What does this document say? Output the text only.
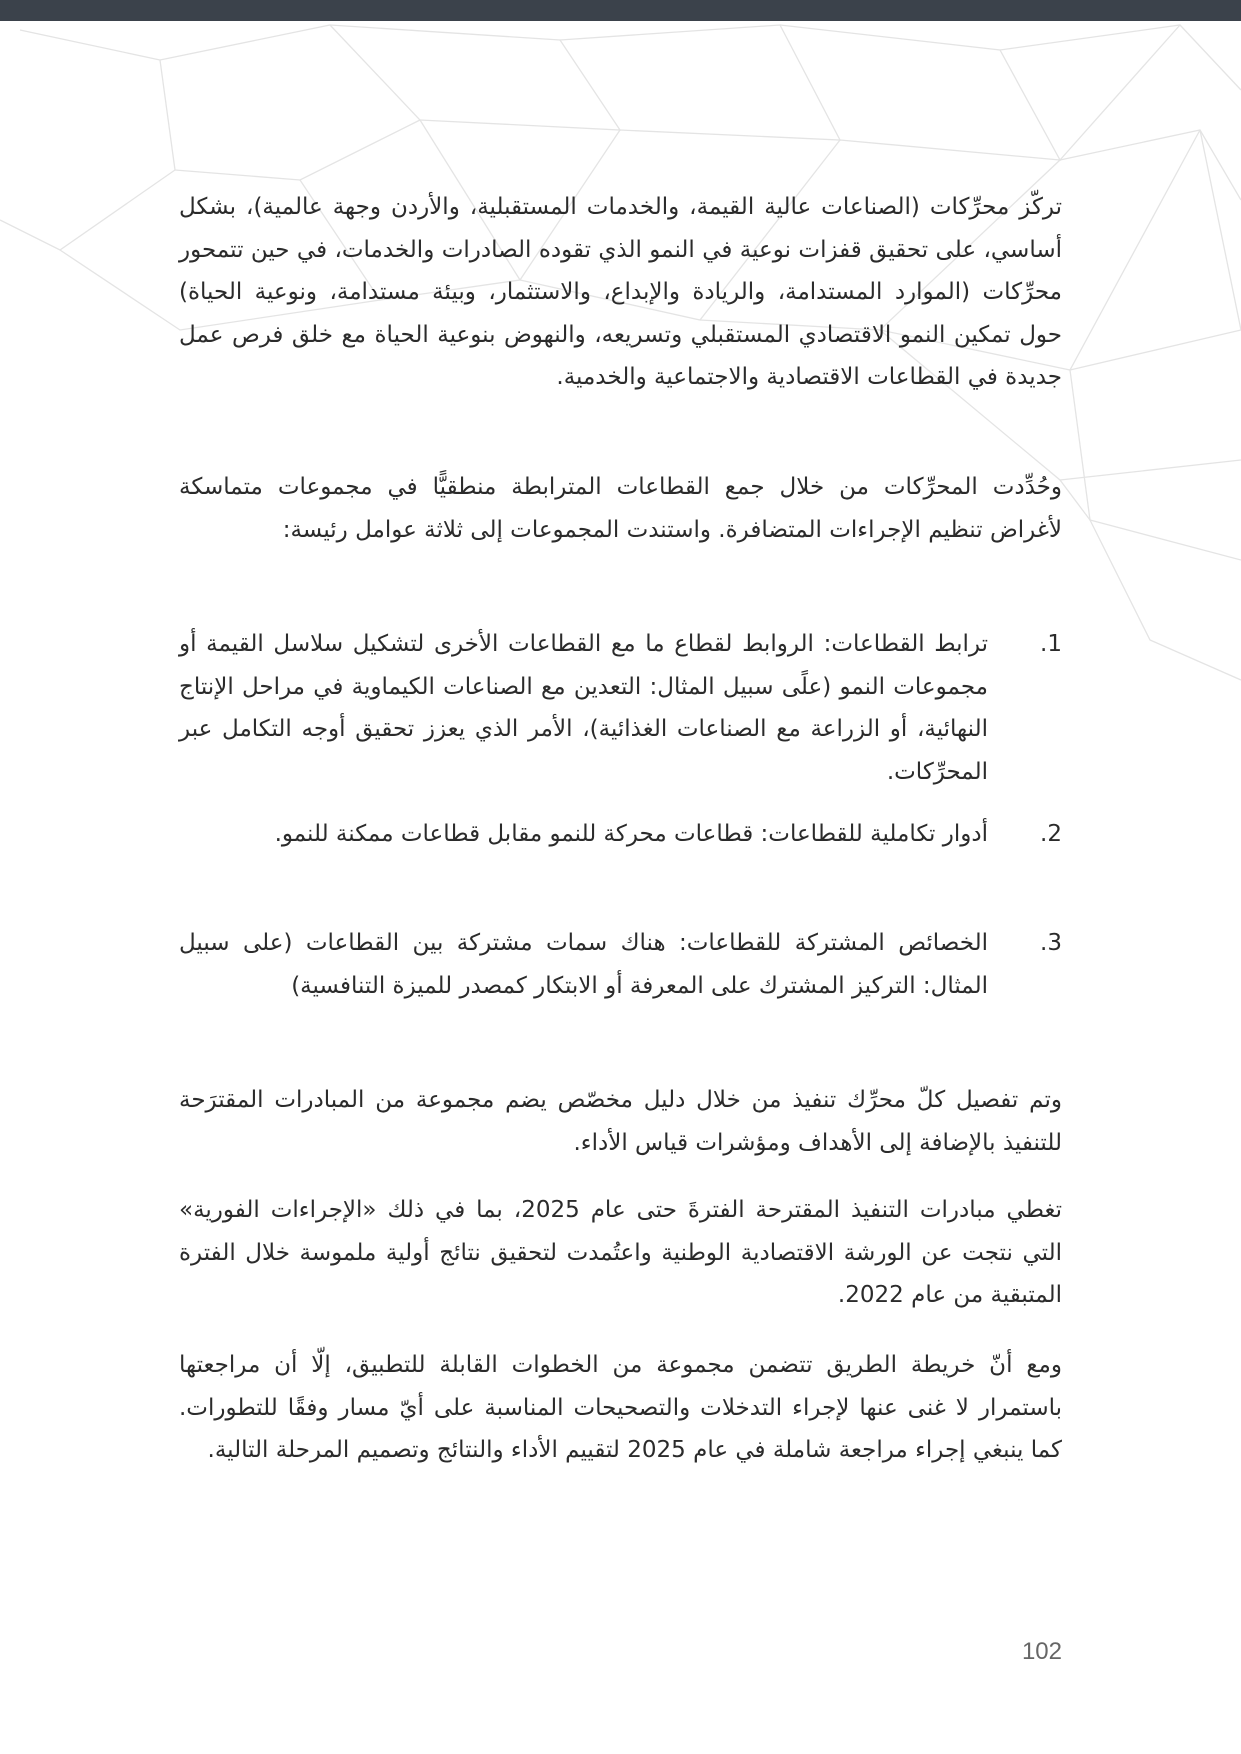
تركّز محرِّكات (الصناعات عالية القيمة، والخدمات المستقبلية، والأردن وجهة عالمية)، بشكل أساسي، على تحقيق قفزات نوعية في النمو الذي تقوده الصادرات والخدمات، في حين تتمحور محرِّكات (الموارد المستدامة، والريادة والإبداع، والاستثمار، وبيئة مستدامة، ونوعية الحياة) حول تمكين النمو الاقتصادي المستقبلي وتسريعه، والنهوض بنوعية الحياة مع خلق فرص عمل جديدة في القطاعات الاقتصادية والاجتماعية والخدمية.

وحُدِّدت المحرِّكات من خلال جمع القطاعات المترابطة منطقيًّا في مجموعات متماسكة لأغراض تنظيم الإجراءات المتضافرة. واستندت المجموعات إلى ثلاثة عوامل رئيسة:

1.
ترابط القطاعات: الروابط لقطاع ما مع القطاعات الأخرى لتشكيل سلاسل القيمة أو مجموعات النمو (علًى سبيل المثال: التعدين مع الصناعات الكيماوية في مراحل الإنتاج النهائية، أو الزراعة مع الصناعات الغذائية)، الأمر الذي يعزز تحقيق أوجه التكامل عبر المحرِّكات.
2.
أدوار تكاملية للقطاعات: قطاعات محركة للنمو مقابل قطاعات ممكنة للنمو.
3.
الخصائص المشتركة للقطاعات: هناك سمات مشتركة بين القطاعات (على سبيل المثال: التركيز المشترك على المعرفة أو الابتكار كمصدر للميزة التنافسية)

وتم تفصيل كلّ محرِّك تنفيذ من خلال دليل مخصّص يضم مجموعة من المبادرات المقترَحة للتنفيذ بالإضافة إلى الأهداف ومؤشرات قياس الأداء.

تغطي مبادرات التنفيذ المقترحة الفترةَ حتى عام 2025، بما في ذلك «الإجراءات الفورية» التي نتجت عن الورشة الاقتصادية الوطنية واعتُمدت لتحقيق نتائج أولية ملموسة خلال الفترة المتبقية من عام 2022.

ومع أنّ خريطة الطريق تتضمن مجموعة من الخطوات القابلة للتطبيق، إلّا أن مراجعتها باستمرار لا غنى عنها لإجراء التدخلات والتصحيحات المناسبة على أيّ مسار وفقًا للتطورات. كما ينبغي إجراء مراجعة شاملة في عام 2025 لتقييم الأداء والنتائج وتصميم المرحلة التالية.

102
